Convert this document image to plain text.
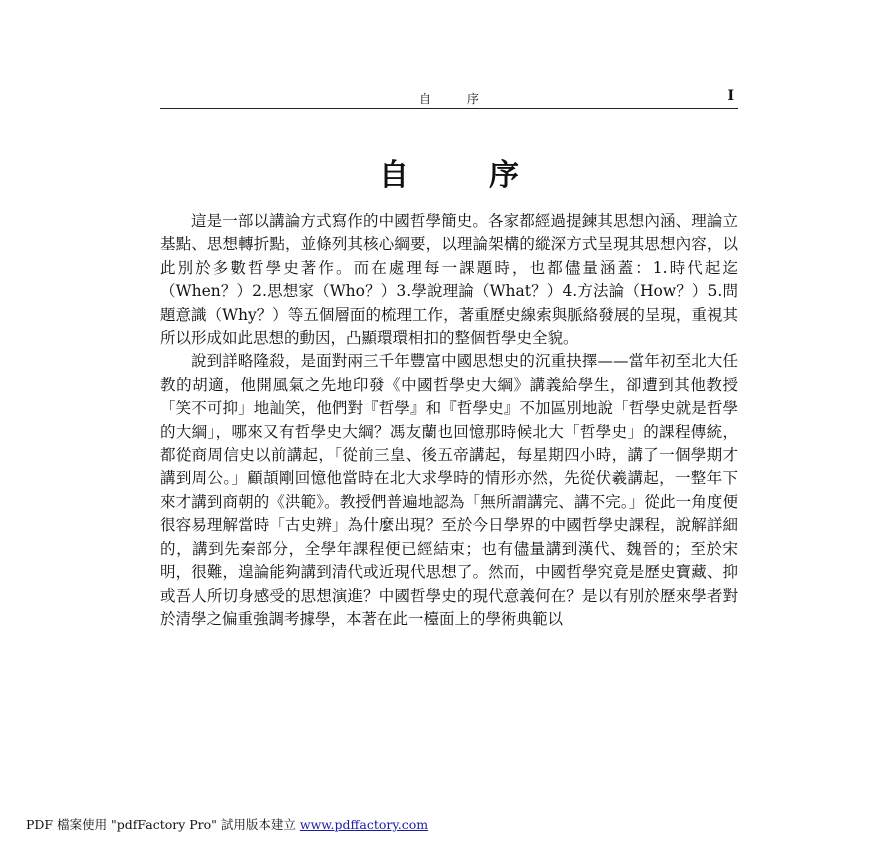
自序	I
自序

這是一部以講論方式寫作的中國哲學簡史。各家都經過提鍊其思想內涵、理論立基點、思想轉折點，並條列其核心綱要，以理論架構的縱深方式呈現其思想內容，以此別於多數哲學史著作。而在處理每一課題時，也都儘量涵蓋：1.時代起迄（When？）2.思想家（Who？）3.學說理論（What？）4.方法論（How？）5.問題意識（Why？）等五個層面的梳理工作，著重歷史線索與脈絡發展的呈現，重視其所以形成如此思想的動因，凸顯環環相扣的整個哲學史全貌。

說到詳略隆殺，是面對兩三千年豐富中國思想史的沉重抉擇——當年初至北大任教的胡適，他開風氣之先地印發《中國哲學史大綱》講義給學生，卻遭到其他教授「笑不可抑」地訕笑，他們對『哲學』和『哲學史』不加區別地說「哲學史就是哲學的大綱」，哪來又有哲學史大綱？馮友蘭也回憶那時候北大「哲學史」的課程傳統，都從商周信史以前講起，「從前三皇、後五帝講起，每星期四小時，講了一個學期才講到周公。」顧頡剛回憶他當時在北大求學時的情形亦然，先從伏羲講起，一整年下來才講到商朝的《洪範》。教授們普遍地認為「無所謂講完、講不完。」從此一角度便很容易理解當時「古史辨」為什麼出現？至於今日學界的中國哲學史課程，說解詳細的，講到先秦部分，全學年課程便已經結束；也有儘量講到漢代、魏晉的；至於宋明，很難，遑論能夠講到清代或近現代思想了。然而，中國哲學究竟是歷史寶藏、抑或吾人所切身感受的思想演進？中國哲學史的現代意義何在？是以有別於歷來學者對於清學之偏重強調考據學，本著在此一檯面上的學術典範以

PDF 檔案使用 "pdfFactory Pro" 試用版本建立 www.pdffactory.com
